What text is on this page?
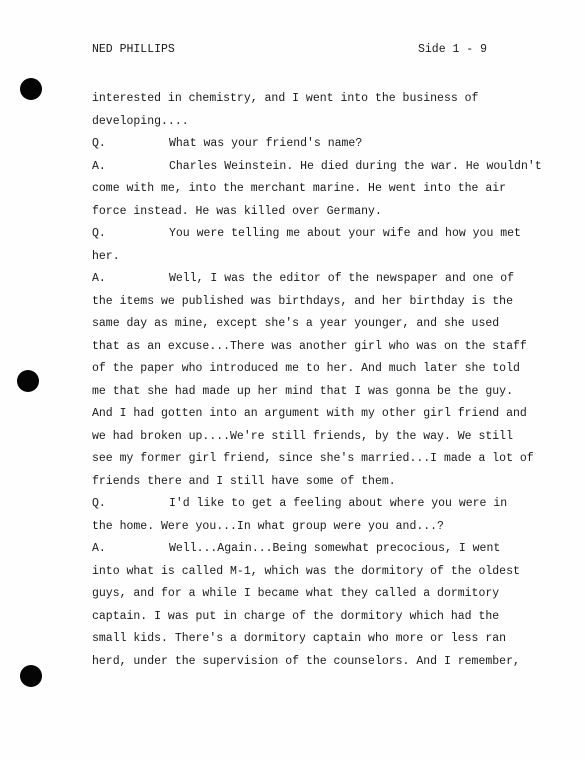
NED PHILLIPS	Side 1 - 9
interested in chemistry, and I went into the business of
developing....
Q.	What was your friend's name?
A.	Charles Weinstein. He died during the war. He wouldn't
come with me, into the merchant marine. He went into the air
force instead. He was killed over Germany.
Q.	You were telling me about your wife and how you met
her.
A.	Well, I was the editor of the newspaper and one of
the items we published was birthdays, and her birthday is the
same day as mine, except she's a year younger, and she used
that as an excuse...There was another girl who was on the staff
of the paper who introduced me to her. And much later she told
me that she had made up her mind that I was gonna be the guy.
And I had gotten into an argument with my other girl friend and
we had broken up....We're still friends, by the way. We still
see my former girl friend, since she's married...I made a lot of
friends there and I still have some of them.
Q.	I'd like to get a feeling about where you were in
the home. Were you...In what group were you and...?
A.	Well...Again...Being somewhat precocious, I went
into what is called M-1, which was the dormitory of the oldest
guys, and for a while I became what they called a dormitory
captain. I was put in charge of the dormitory which had the
small kids. There's a dormitory captain who more or less ran
herd, under the supervision of the counselors. And I remember,
